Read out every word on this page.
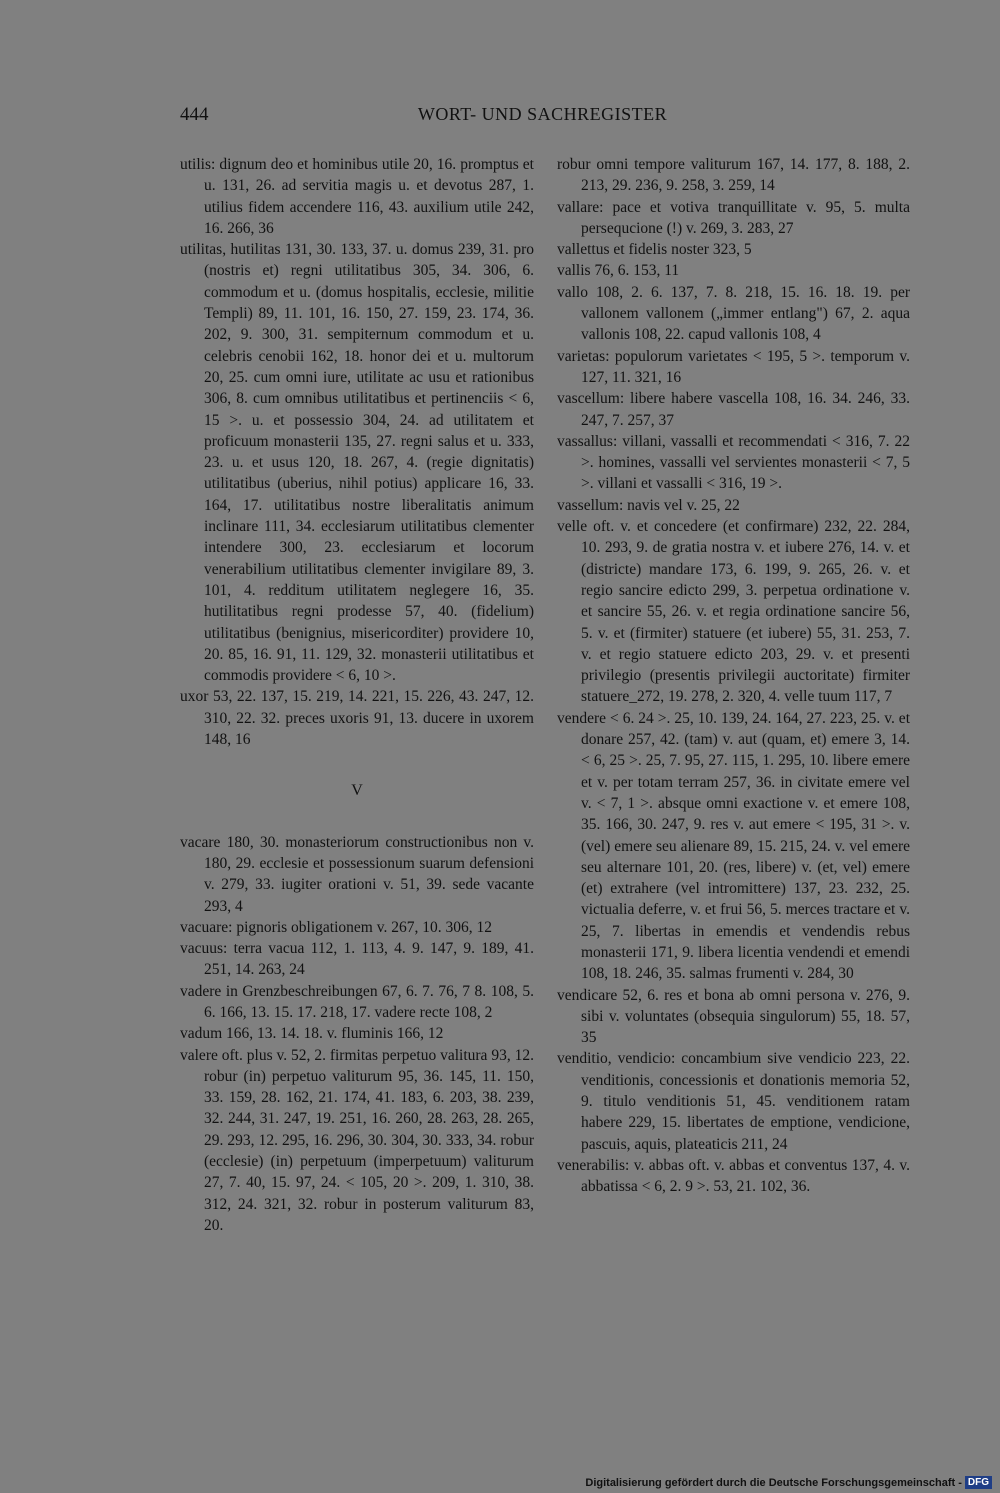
444	WORT- UND SACHREGISTER

utilis: dignum deo et hominibus utile 20, 16. promptus et u. 131, 26. ad servitia magis u. et devotus 287, 1. utilius fidem accendere 116, 43. auxilium utile 242, 16. 266, 36

utilitas, hutilitas 131, 30. 133, 37. u. domus 239, 31. pro (nostris et) regni utilitatibus 305, 34. 306, 6. commodum et u. (domus hospitalis, ecclesie, militie Templi) 89, 11. 101, 16. 150, 27. 159, 23. 174, 36. 202, 9. 300, 31. sempiternum commodum et u. celebris cenobii 162, 18. honor dei et u. multorum 20, 25. cum omni iure, utilitate ac usu et rationibus 306, 8. cum omnibus utilitatibus et pertinenciis < 6, 15 >. u. et possessio 304, 24. ad utilitatem et proficuum monasterii 135, 27. regni salus et u. 333, 23. u. et usus 120, 18. 267, 4. (regie dignitatis) utilitatibus (uberius, nihil potius) applicare 16, 33. 164, 17. utilitatibus nostre liberalitatis animum inclinare 111, 34. ecclesiarum utilitatibus clementer intendere 300, 23. ecclesiarum et locorum venerabilium utilitatibus clementer invigilare 89, 3. 101, 4. redditum utilitatem neglegere 16, 35. hutilitatibus regni prodesse 57, 40. (fidelium) utilitatibus (benignius, misericorditer) providere 10, 20. 85, 16. 91, 11. 129, 32. monasterii utilitatibus et commodis providere < 6, 10 >.

uxor 53, 22. 137, 15. 219, 14. 221, 15. 226, 43. 247, 12. 310, 22. 32. preces uxoris 91, 13. ducere in uxorem 148, 16

V

vacare 180, 30. monasteriorum constructionibus non v. 180, 29. ecclesie et possessionum suarum defensioni v. 279, 33. iugiter orationi v. 51, 39. sede vacante 293, 4

vacuare: pignoris obligationem v. 267, 10. 306, 12

vacuus: terra vacua 112, 1. 113, 4. 9. 147, 9. 189, 41. 251, 14. 263, 24

vadere in Grenzbeschreibungen 67, 6. 7. 76, 7 8. 108, 5. 6. 166, 13. 15. 17. 218, 17. vadere recte 108, 2

vadum 166, 13. 14. 18. v. fluminis 166, 12

valere oft. plus v. 52, 2. firmitas perpetuo valitura 93, 12. robur (in) perpetuo valiturum 95, 36. 145, 11. 150, 33. 159, 28. 162, 21. 174, 41. 183, 6. 203, 38. 239, 32. 244, 31. 247, 19. 251, 16. 260, 28. 263, 28. 265, 29. 293, 12. 295, 16. 296, 30. 304, 30. 333, 34. robur (ecclesie) (in) perpetuum (imperpetuum) valiturum 27, 7. 40, 15. 97, 24. < 105, 20 >. 209, 1. 310, 38. 312, 24. 321, 32. robur in posterum valiturum 83, 20.

robur omni tempore valiturum 167, 14. 177, 8. 188, 2. 213, 29. 236, 9. 258, 3. 259, 14

vallare: pace et votiva tranquillitate v. 95, 5. multa persequcione (!) v. 269, 3. 283, 27

vallettus et fidelis noster 323, 5

vallis 76, 6. 153, 11

vallo 108, 2. 6. 137, 7. 8. 218, 15. 16. 18. 19. per vallonem vallonem („immer entlang") 67, 2. aqua vallonis 108, 22. capud vallonis 108, 4

varietas: populorum varietates < 195, 5 >. temporum v. 127, 11. 321, 16

vascellum: libere habere vascella 108, 16. 34. 246, 33. 247, 7. 257, 37

vassallus: villani, vassalli et recommendati < 316, 7. 22 >. homines, vassalli vel servientes monasterii < 7, 5 >. villani et vassalli < 316, 19 >.

vassellum: navis vel v. 25, 22

velle oft. v. et concedere (et confirmare) 232, 22. 284, 10. 293, 9. de gratia nostra v. et iubere 276, 14. v. et (districte) mandare 173, 6. 199, 9. 265, 26. v. et regio sancire edicto 299, 3. perpetua ordinatione v. et sancire 55, 26. v. et regia ordinatione sancire 56, 5. v. et (firmiter) statuere (et iubere) 55, 31. 253, 7. v. et regio statuere edicto 203, 29. v. et presenti privilegio (presentis privilegii auctoritate) firmiter statuere_272, 19. 278, 2. 320, 4. velle tuum 117, 7

vendere < 6. 24 >. 25, 10. 139, 24. 164, 27. 223, 25. v. et donare 257, 42. (tam) v. aut (quam, et) emere 3, 14. < 6, 25 >. 25, 7. 95, 27. 115, 1. 295, 10. libere emere et v. per totam terram 257, 36. in civitate emere vel v. < 7, 1 >. absque omni exactione v. et emere 108, 35. 166, 30. 247, 9. res v. aut emere < 195, 31 >. v. (vel) emere seu alienare 89, 15. 215, 24. v. vel emere seu alternare 101, 20. (res, libere) v. (et, vel) emere (et) extrahere (vel intromittere) 137, 23. 232, 25. victualia deferre, v. et frui 56, 5. merces tractare et v. 25, 7. libertas in emendis et vendendis rebus monasterii 171, 9. libera licentia vendendi et emendi 108, 18. 246, 35. salmas frumenti v. 284, 30

vendicare 52, 6. res et bona ab omni persona v. 276, 9. sibi v. voluntates (obsequia singulorum) 55, 18. 57, 35

venditio, vendicio: concambium sive vendicio 223, 22. venditionis, concessionis et donationis memoria 52, 9. titulo venditionis 51, 45. venditionem ratam habere 229, 15. libertates de emptione, vendicione, pascuis, aquis, plateaticis 211, 24

venerabilis: v. abbas oft. v. abbas et conventus 137, 4. v. abbatissa < 6, 2. 9 >. 53, 21. 102, 36.

Digitalisierung gefördert durch die Deutsche Forschungsgemeinschaft - DFG
